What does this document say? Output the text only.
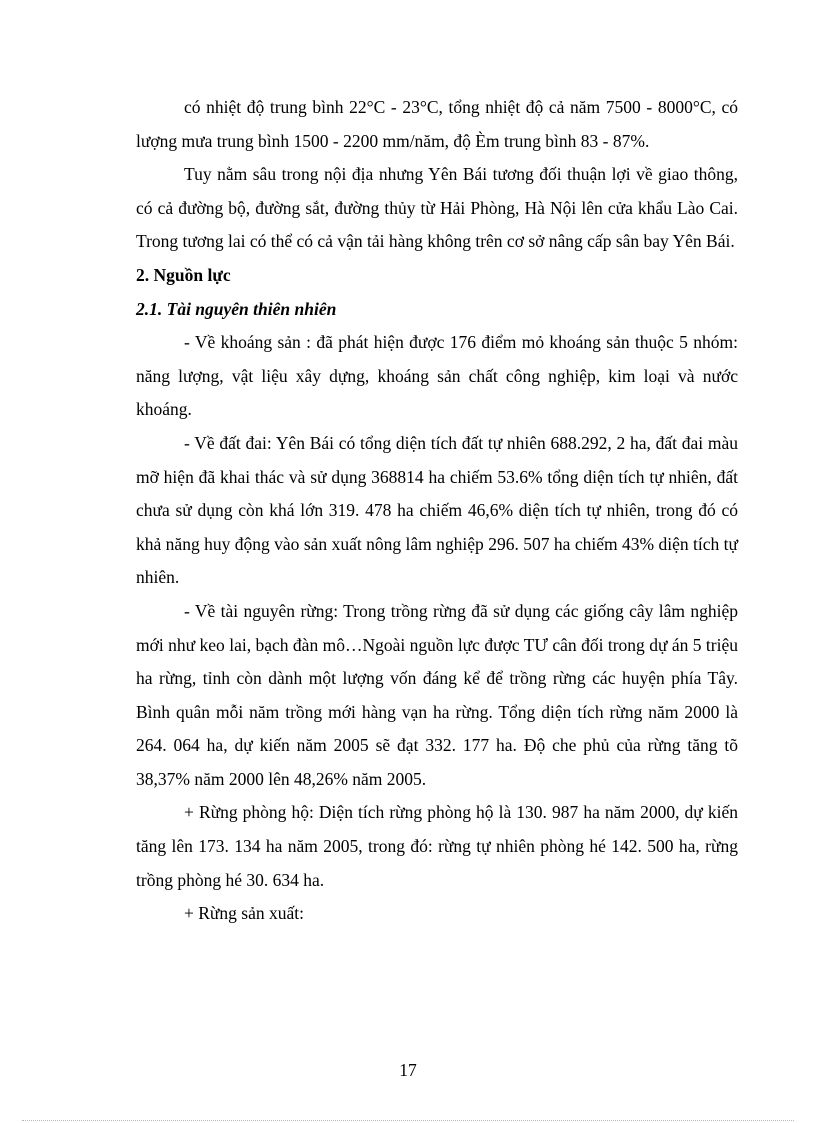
có nhiệt độ trung bình 22°C - 23°C, tổng nhiệt độ cả năm 7500 - 8000°C, có lượng mưa trung bình 1500 - 2200 mm/năm, độ Èm trung bình 83 - 87%.

Tuy nằm sâu trong nội địa nhưng Yên Bái tương đối thuận lợi về giao thông, có cả đường bộ, đường sắt, đường thủy từ Hải Phòng, Hà Nội lên cửa khẩu Lào Cai. Trong tương lai có thể có cả vận tải hàng không trên cơ sở nâng cấp sân bay Yên Bái.

2. Nguồn lực

2.1. Tài nguyên thiên nhiên

- Về khoáng sản : đã phát hiện được 176 điểm mỏ khoáng sản thuộc 5 nhóm: năng lượng, vật liệu xây dựng, khoáng sản chất công nghiệp, kim loại và nước khoáng.

- Về đất đai: Yên Bái có tổng diện tích đất tự nhiên 688.292, 2 ha, đất đai màu mỡ hiện đã khai thác và sử dụng 368814 ha chiếm 53.6% tổng diện tích tự nhiên, đất chưa sử dụng còn khá lớn 319. 478 ha chiếm 46,6% diện tích tự nhiên, trong đó có khả năng huy động vào sản xuất nông lâm nghiệp 296. 507 ha chiếm 43% diện tích tự nhiên.

- Về tài nguyên rừng: Trong trồng rừng đã sử dụng các giống cây lâm nghiệp mới như keo lai, bạch đàn mô…Ngoài nguồn lực được TƯ cân đối trong dự án 5 triệu ha rừng, tỉnh còn dành một lượng vốn đáng kể để trồng rừng các huyện phía Tây. Bình quân mỗi năm trồng mới hàng vạn ha rừng. Tổng diện tích rừng năm 2000 là 264. 064 ha, dự kiến năm 2005 sẽ đạt 332. 177 ha. Độ che phủ của rừng tăng tõ 38,37% năm 2000 lên 48,26% năm 2005.

+ Rừng phòng hộ: Diện tích rừng phòng hộ là 130. 987 ha năm 2000, dự kiến tăng lên 173. 134 ha năm 2005, trong đó: rừng tự nhiên phòng hé 142. 500 ha, rừng trồng phòng hé 30. 634 ha.

+ Rừng sản xuất:

17
